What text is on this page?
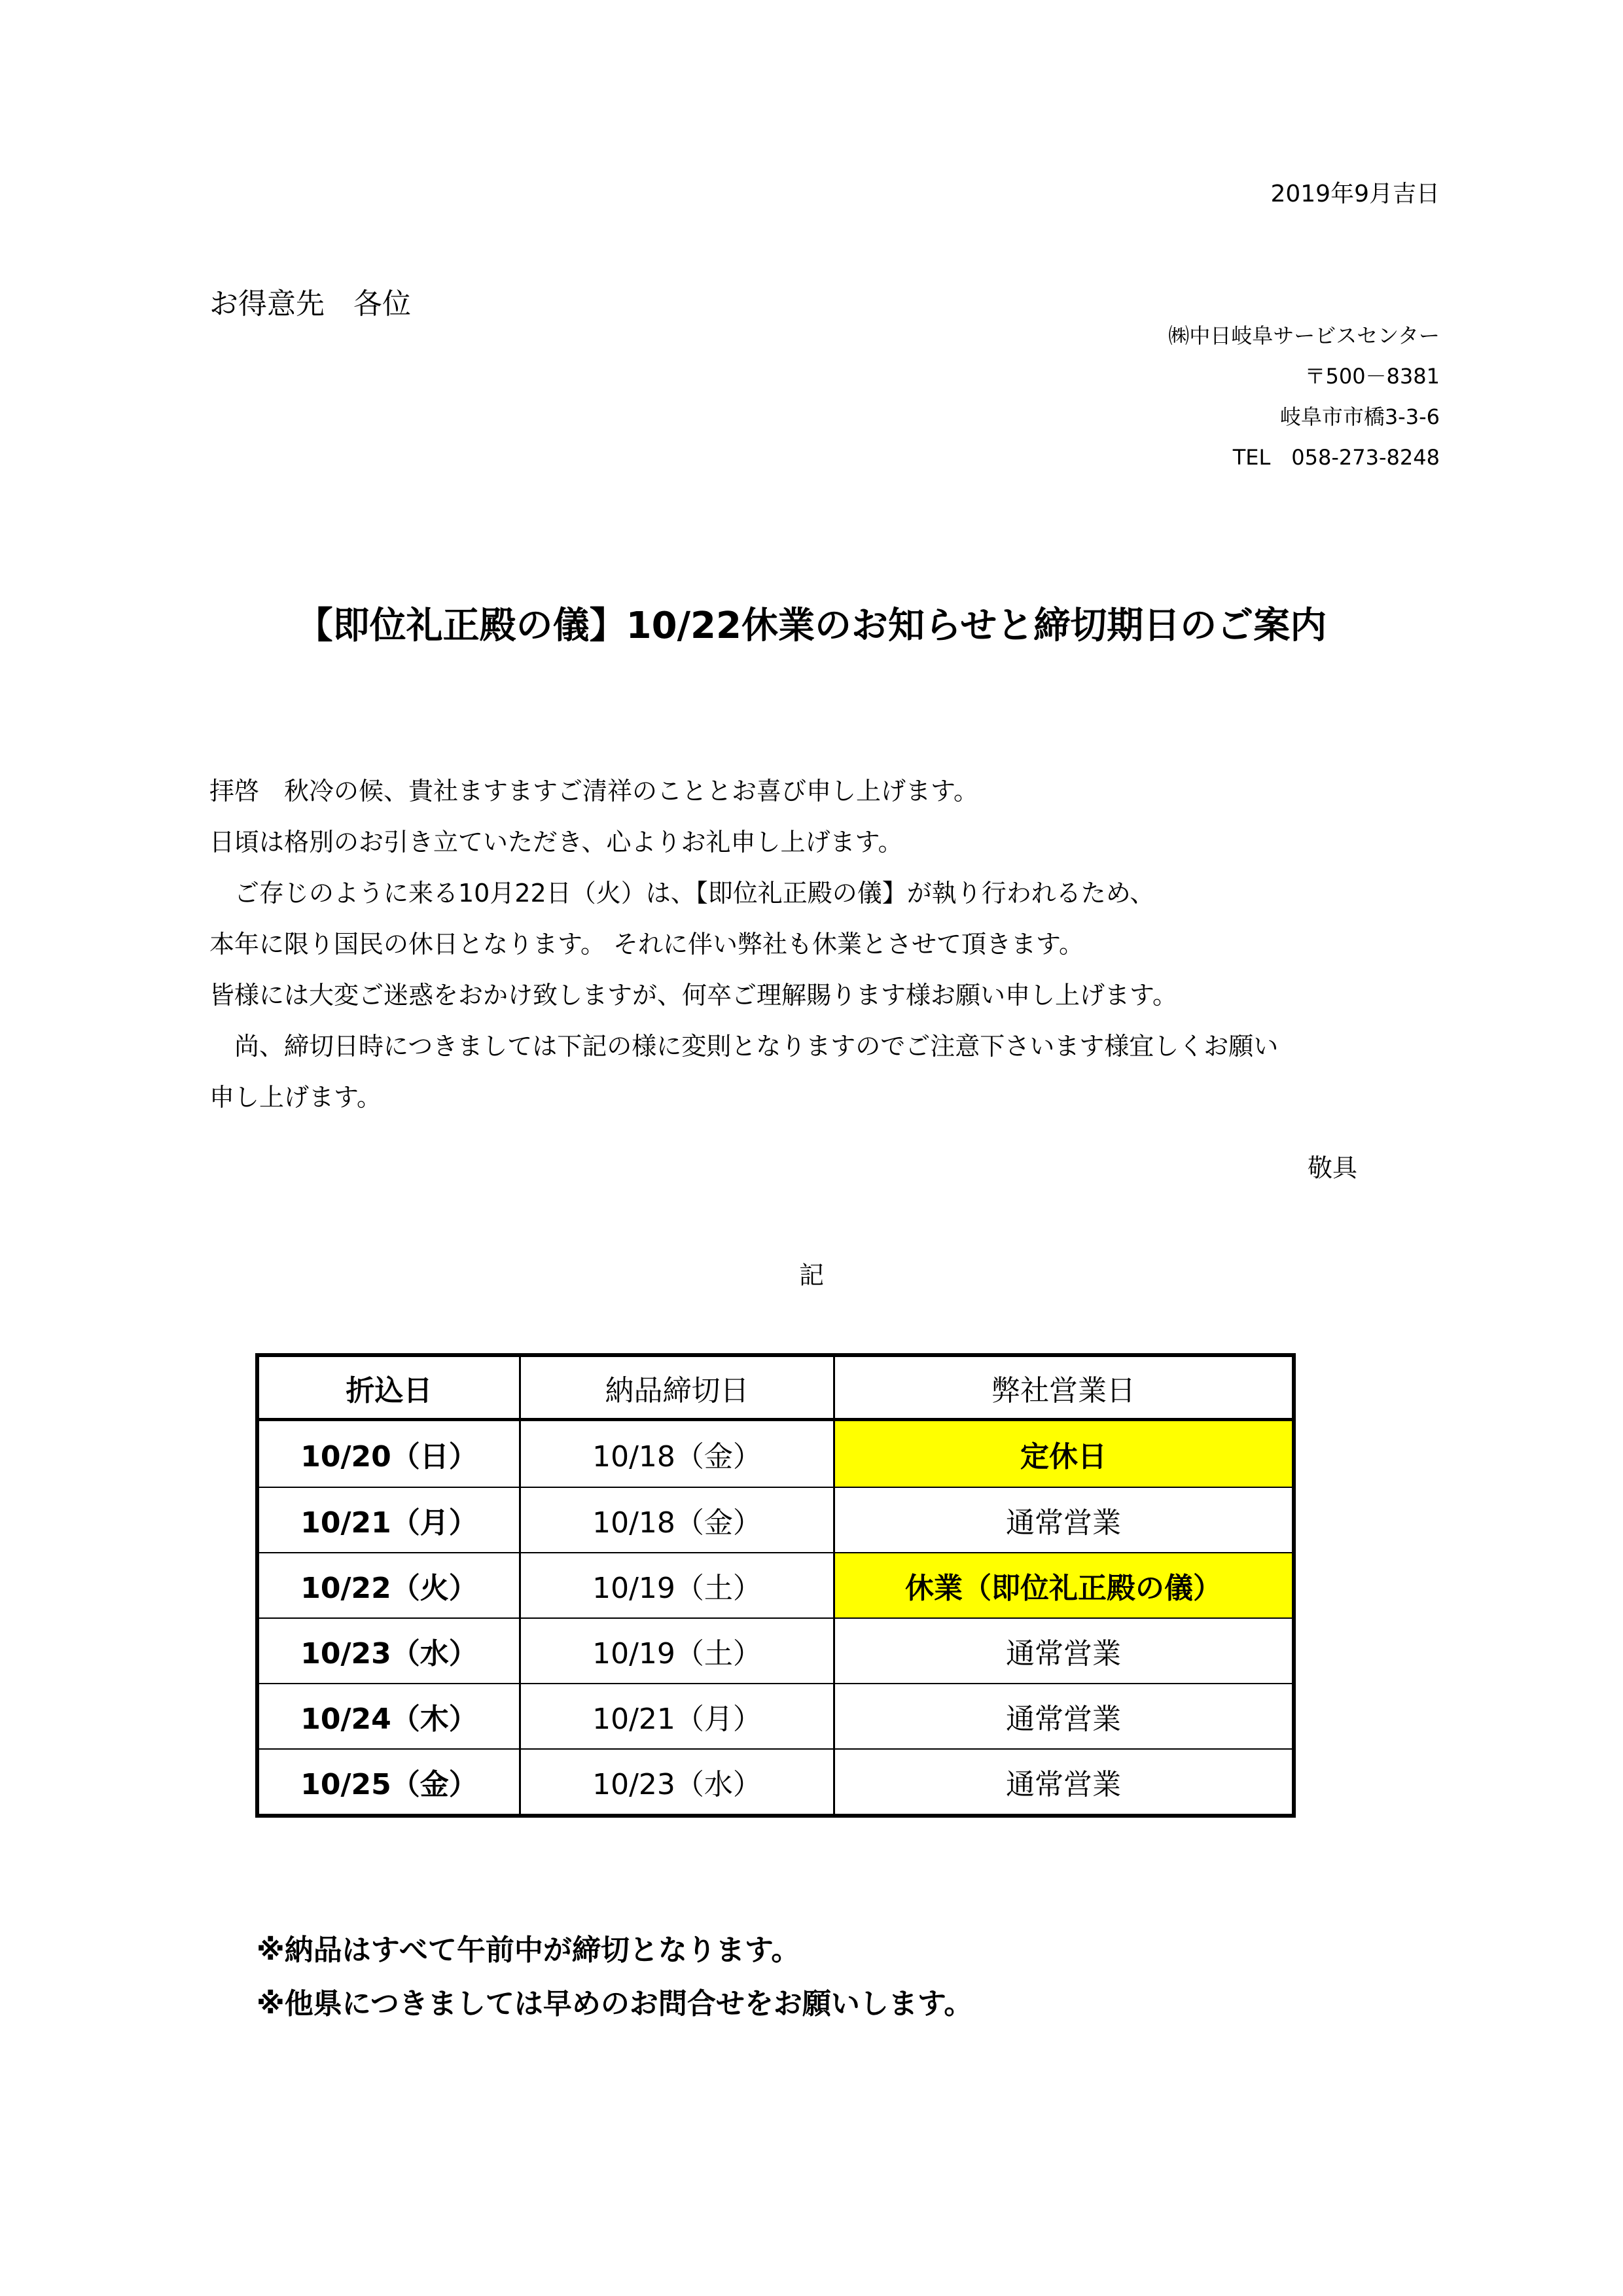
2019年9月吉日
お得意先　各位
㈱中日岐阜サービスセンター
〒500－8381
岐阜市市橋3-3-6
TEL　058-273-8248
【即位礼正殿の儀】10/22休業のお知らせと締切期日のご案内
拝啓　秋冷の候、貴社ますますご清祥のこととお喜び申し上げます。
日頃は格別のお引き立ていただき、心よりお礼申し上げます。
　ご存じのように来る10月22日（火）は、【即位礼正殿の儀】が執り行われるため、
本年に限り国民の休日となります。 それに伴い弊社も休業とさせて頂きます。
皆様には大変ご迷惑をおかけ致しますが、何卒ご理解賜ります様お願い申し上げます。
　尚、締切日時につきましては下記の様に変則となりますのでご注意下さいます様宜しくお願い
申し上げます。
敬具
記
折込日	納品締切日	弊社営業日
10/20（日）	10/18（金）	定休日
10/21（月）	10/18（金）	通常営業
10/22（火）	10/19（土）	休業（即位礼正殿の儀）
10/23（水）	10/19（土）	通常営業
10/24（木）	10/21（月）	通常営業
10/25（金）	10/23（水）	通常営業
※納品はすべて午前中が締切となります。
※他県につきましては早めのお問合せをお願いします。
